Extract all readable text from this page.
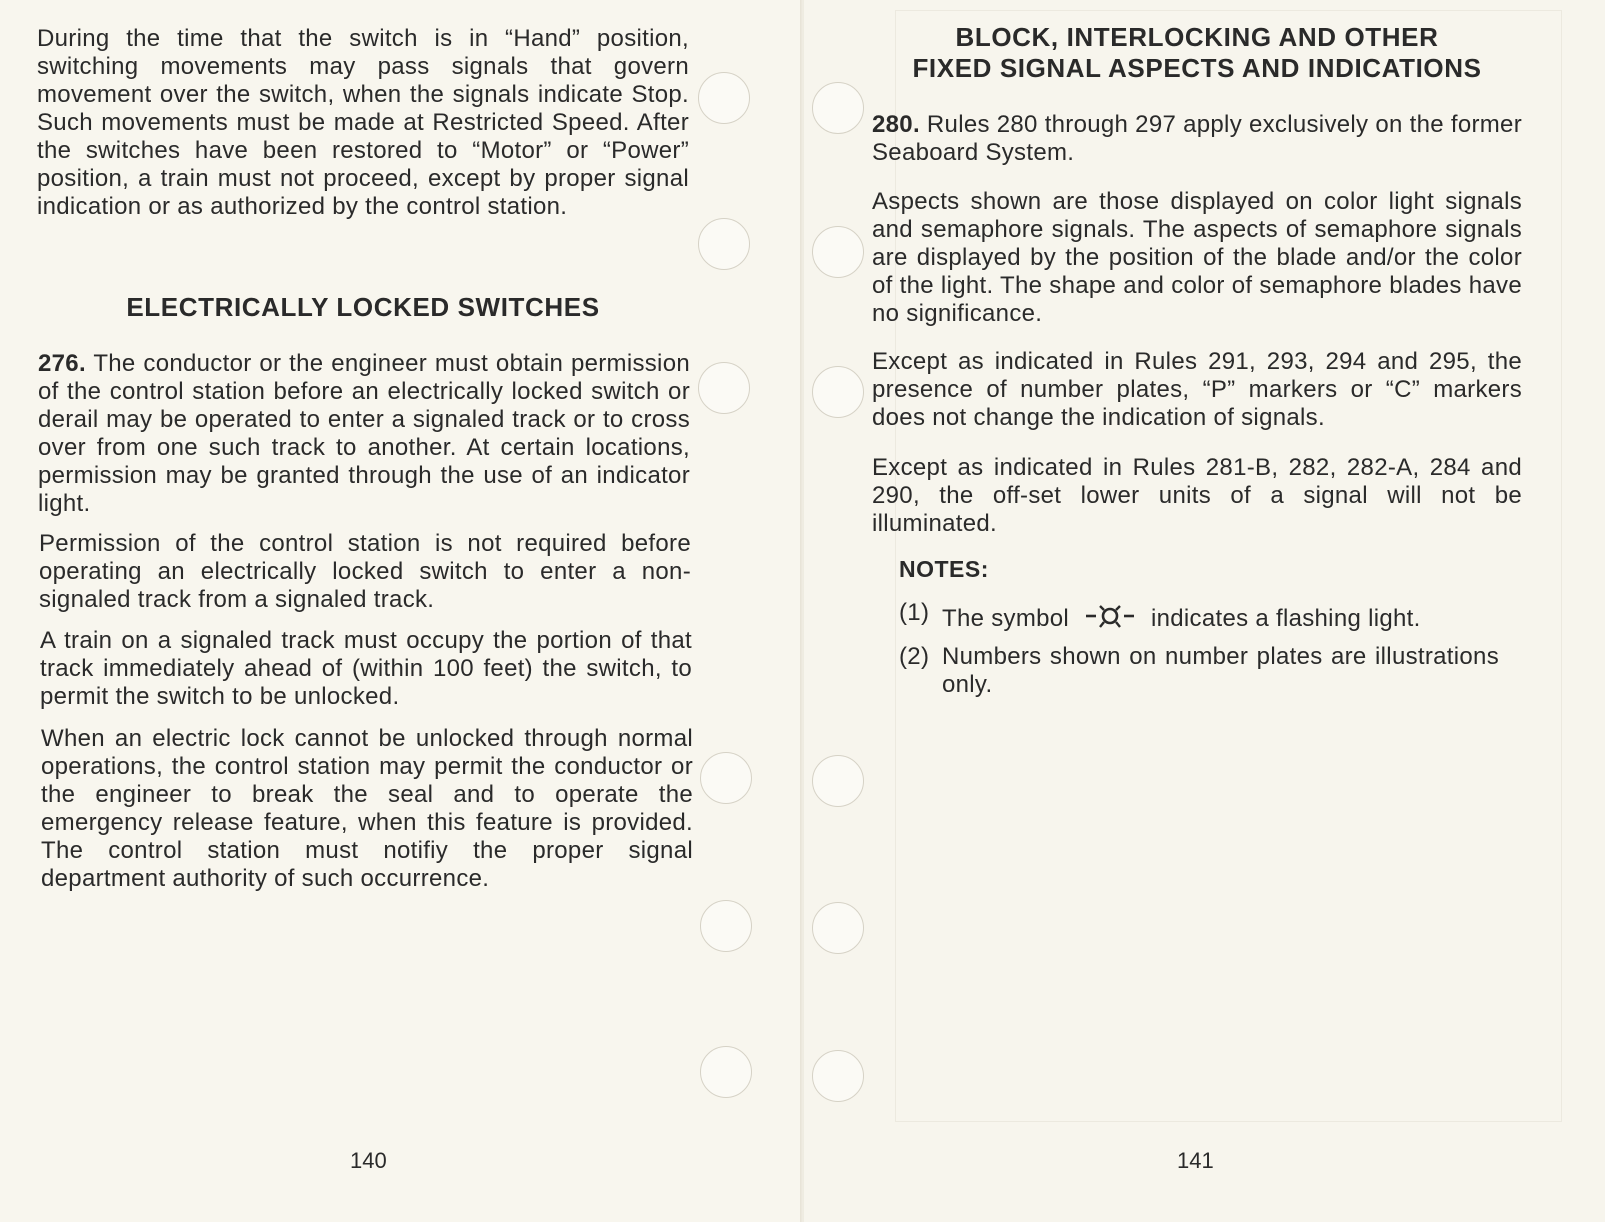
During the time that the switch is in “Hand” position, switching movements may pass signals that govern movement over the switch, when the signals indicate Stop. Such movements must be made at Restricted Speed. After the switches have been restored to “Motor” or “Power” position, a train must not proceed, except by proper signal indication or as authorized by the control station.

ELECTRICALLY LOCKED SWITCHES

276. The conductor or the engineer must obtain permission of the control station before an electrically locked switch or derail may be operated to enter a signaled track or to cross over from one such track to another. At certain locations, permission may be granted through the use of an indicator light.

Permission of the control station is not required before operating an electrically locked switch to enter a non-signaled track from a signaled track.

A train on a signaled track must occupy the portion of that track immediately ahead of (within 100 feet) the switch, to permit the switch to be unlocked.

When an electric lock cannot be unlocked through normal operations, the control station may permit the conductor or the engineer to break the seal and to operate the emergency release feature, when this feature is provided. The control station must notifiy the proper signal department authority of such occurrence.

140
BLOCK, INTERLOCKING AND OTHER
FIXED SIGNAL ASPECTS AND INDICATIONS

280. Rules 280 through 297 apply exclusively on the former Seaboard System.

Aspects shown are those displayed on color light signals and semaphore signals. The aspects of semaphore signals are displayed by the position of the blade and/or the color of the light. The shape and color of semaphore blades have no significance.

Except as indicated in Rules 291, 293, 294 and 295, the presence of number plates, “P” markers or “C” markers does not change the indication of signals.

Except as indicated in Rules 281-B, 282, 282-A, 284 and 290, the off-set lower units of a signal will not be illuminated.

NOTES:
(1) The symbol	indicates a flashing light.
(2) Numbers shown on number plates are illustrations only.
141
